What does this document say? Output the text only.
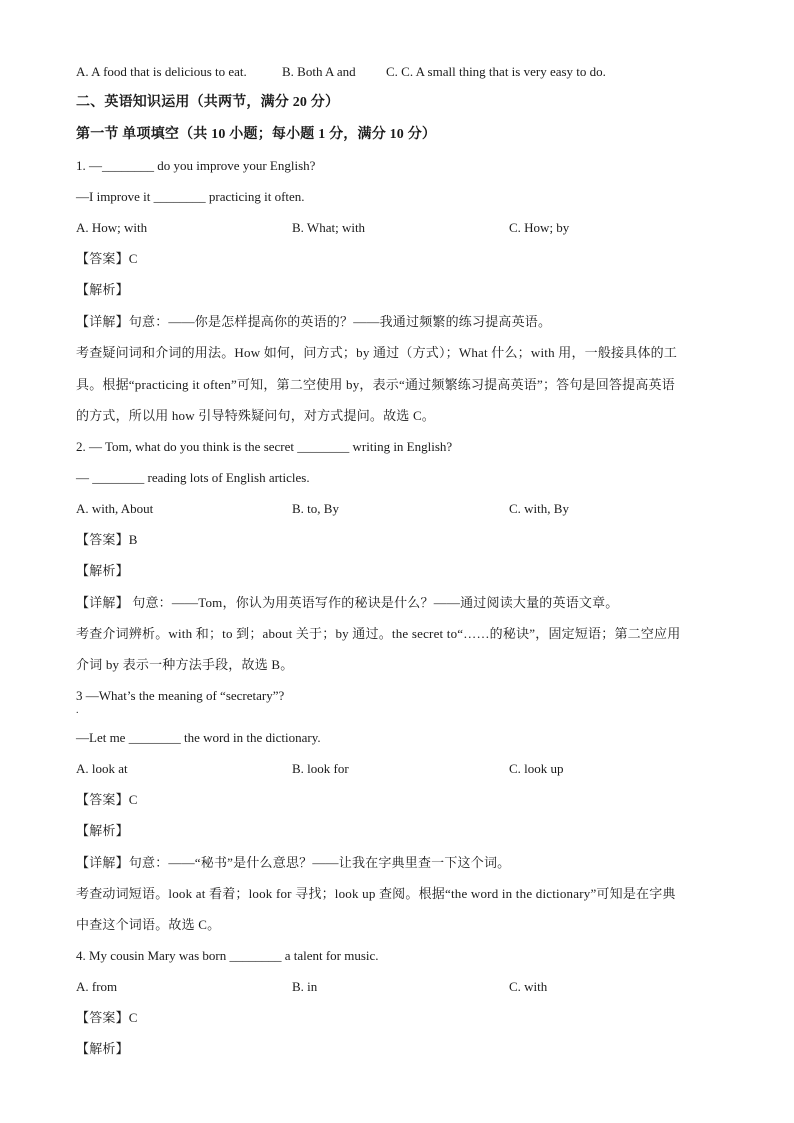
A. A food that is delicious to eat.	B. Both A and C. C. A small thing that is very easy to do.
二、英语知识运用（共两节，满分 20 分）
第一节 单项填空（共 10 小题；每小题 1 分，满分 10 分）
1. —________ do you improve your English?
—I improve it ________ practicing it often.
A. How; with	B. What; with	C. How; by
【答案】C
【解析】
【详解】句意：——你是怎样提高你的英语的？——我通过频繁的练习提高英语。
考查疑问词和介词的用法。How 如何，问方式；by 通过（方式）；What 什么；with 用，一般接具体的工
具。根据“practicing it often”可知，第二空使用 by，表示“通过频繁练习提高英语”；答句是回答提高英语
的方式，所以用 how 引导特殊疑问句，对方式提问。故选 C。
2. — Tom, what do you think is the secret ________ writing in English?
— ________ reading lots of English articles.
A. with, About	B. to, By	C. with, By
【答案】B
【解析】
【详解】 句意：——Tom，你认为用英语写作的秘诀是什么？——通过阅读大量的英语文章。
考查介词辨析。with 和；to 到；about 关于；by 通过。the secret to“……的秘诀”，固定短语；第二空应用
介词 by 表示一种方法手段，故选 B。
3 —What’s the meaning of “secretary”?
.
—Let me ________ the word in the dictionary.
A. look at	B. look for	C. look up
【答案】C
【解析】
【详解】句意：——“秘书”是什么意思？——让我在字典里查一下这个词。
考查动词短语。look at 看着；look for 寻找；look up 查阅。根据“the word in the dictionary”可知是在字典
中查这个词语。故选 C。
4. My cousin Mary was born ________ a talent for music.
A. from	B. in	C. with
【答案】C
【解析】
